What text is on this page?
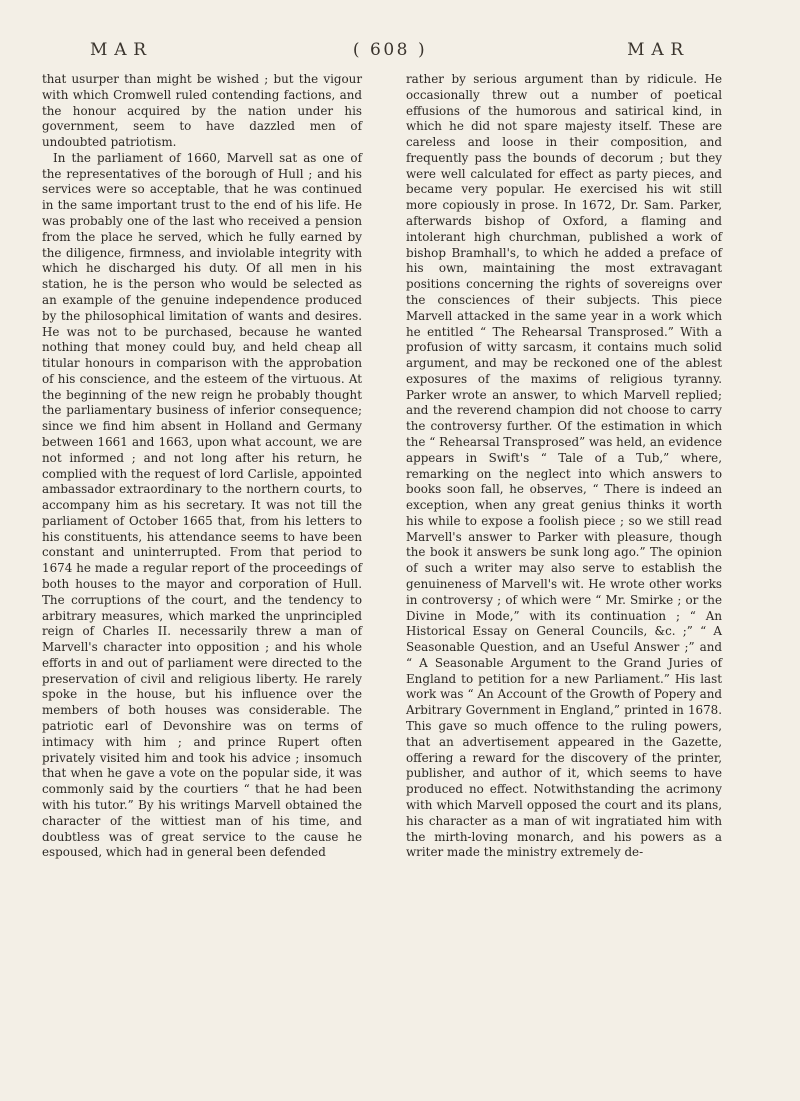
MAR	( 608 )	MAR

that usurper than might be wished ; but the vigour with which Cromwell ruled contending factions, and the honour acquired by the nation under his government, seem to have dazzled men of undoubted patriotism.

In the parliament of 1660, Marvell sat as one of the representatives of the borough of Hull ; and his services were so acceptable, that he was continued in the same important trust to the end of his life. He was probably one of the last who received a pension from the place he served, which he fully earned by the diligence, firmness, and inviolable integrity with which he discharged his duty. Of all men in his station, he is the person who would be selected as an example of the genuine independence produced by the philosophical limitation of wants and desires. He was not to be purchased, because he wanted nothing that money could buy, and held cheap all titular honours in comparison with the approbation of his conscience, and the esteem of the virtuous. At the beginning of the new reign he probably thought the parliamentary business of inferior consequence; since we find him absent in Holland and Germany between 1661 and 1663, upon what account, we are not informed ; and not long after his return, he complied with the request of lord Carlisle, appointed ambassador extraordinary to the northern courts, to accompany him as his secretary. It was not till the parliament of October 1665 that, from his letters to his constituents, his attendance seems to have been constant and uninterrupted. From that period to 1674 he made a regular report of the proceedings of both houses to the mayor and corporation of Hull. The corruptions of the court, and the tendency to arbitrary measures, which marked the unprincipled reign of Charles II. necessarily threw a man of Marvell's character into opposition ; and his whole efforts in and out of parliament were directed to the preservation of civil and religious liberty. He rarely spoke in the house, but his influence over the members of both houses was considerable. The patriotic earl of Devonshire was on terms of intimacy with him ; and prince Rupert often privately visited him and took his advice ; insomuch that when he gave a vote on the popular side, it was commonly said by the courtiers “ that he had been with his tutor.” By his writings Marvell obtained the character of the wittiest man of his time, and doubtless was of great service to the cause he espoused, which had in general been defended

rather by serious argument than by ridicule. He occasionally threw out a number of poetical effusions of the humorous and satirical kind, in which he did not spare majesty itself. These are careless and loose in their composition, and frequently pass the bounds of decorum ; but they were well calculated for effect as party pieces, and became very popular. He exercised his wit still more copiously in prose. In 1672, Dr. Sam. Parker, afterwards bishop of Oxford, a flaming and intolerant high churchman, published a work of bishop Bramhall's, to which he added a preface of his own, maintaining the most extravagant positions concerning the rights of sovereigns over the consciences of their subjects. This piece Marvell attacked in the same year in a work which he entitled “ The Rehearsal Transprosed.” With a profusion of witty sarcasm, it contains much solid argument, and may be reckoned one of the ablest exposures of the maxims of religious tyranny. Parker wrote an answer, to which Marvell replied; and the reverend champion did not choose to carry the controversy further. Of the estimation in which the “ Rehearsal Transprosed” was held, an evidence appears in Swift's “ Tale of a Tub,” where, remarking on the neglect into which answers to books soon fall, he observes, “ There is indeed an exception, when any great genius thinks it worth his while to expose a foolish piece ; so we still read Marvell's answer to Parker with pleasure, though the book it answers be sunk long ago.” The opinion of such a writer may also serve to establish the genuineness of Marvell's wit. He wrote other works in controversy ; of which were “ Mr. Smirke ; or the Divine in Mode,” with its continuation ; “ An Historical Essay on General Councils, &c. ;” “ A Seasonable Question, and an Useful Answer ;” and “ A Seasonable Argument to the Grand Juries of England to petition for a new Parliament.” His last work was “ An Account of the Growth of Popery and Arbitrary Government in England,” printed in 1678. This gave so much offence to the ruling powers, that an advertisement appeared in the Gazette, offering a reward for the discovery of the printer, publisher, and author of it, which seems to have produced no effect. Notwithstanding the acrimony with which Marvell opposed the court and its plans, his character as a man of wit ingratiated him with the mirth-loving monarch, and his powers as a writer made the ministry extremely de-
